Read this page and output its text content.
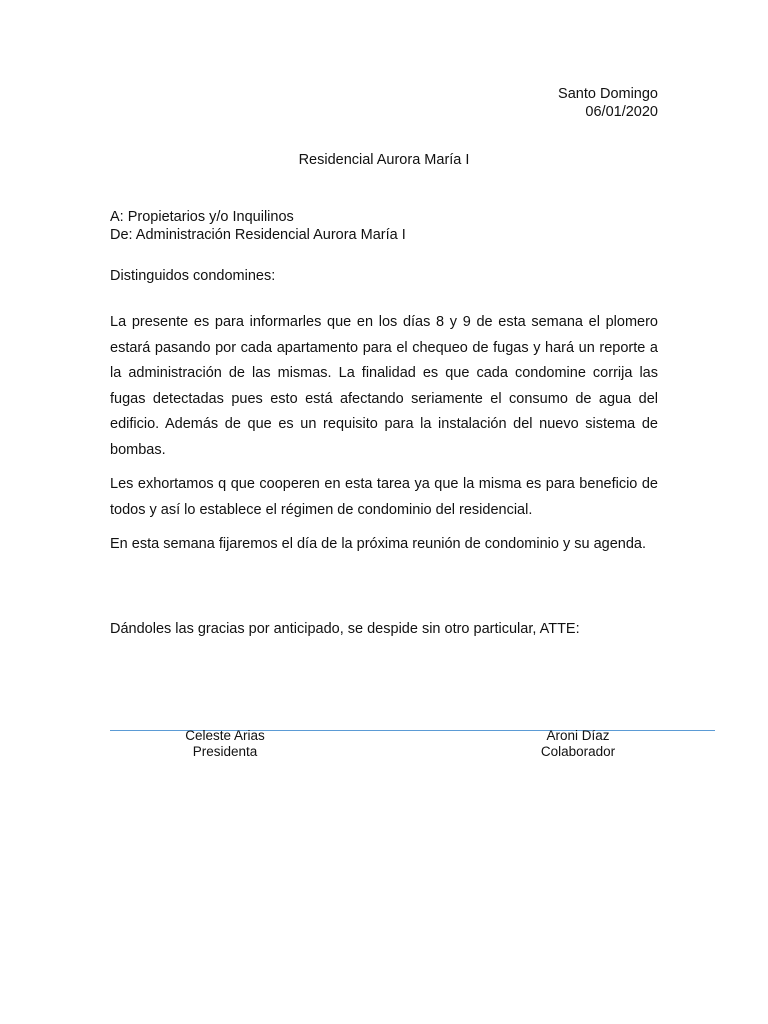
Santo Domingo
06/01/2020
Residencial Aurora María I
A: Propietarios y/o Inquilinos
De: Administración Residencial Aurora María I
Distinguidos condomines:

La presente es para informarles que en los días 8 y 9 de esta semana el plomero estará pasando por cada apartamento para el chequeo de fugas y hará un reporte a la administración de las mismas. La finalidad es que cada condomine corrija las fugas detectadas pues esto está afectando seriamente el consumo de agua del edificio. Además de que es un requisito para la instalación del nuevo sistema de bombas.

Les exhortamos q que cooperen en esta tarea ya que la misma es para beneficio de todos y así lo establece el régimen de condominio del residencial.

En esta semana fijaremos el día de la próxima reunión de condominio y su agenda.

Dándoles las gracias por anticipado, se despide sin otro particular, ATTE:
Celeste Arias
Presidenta
Aroni Díaz
Colaborador
